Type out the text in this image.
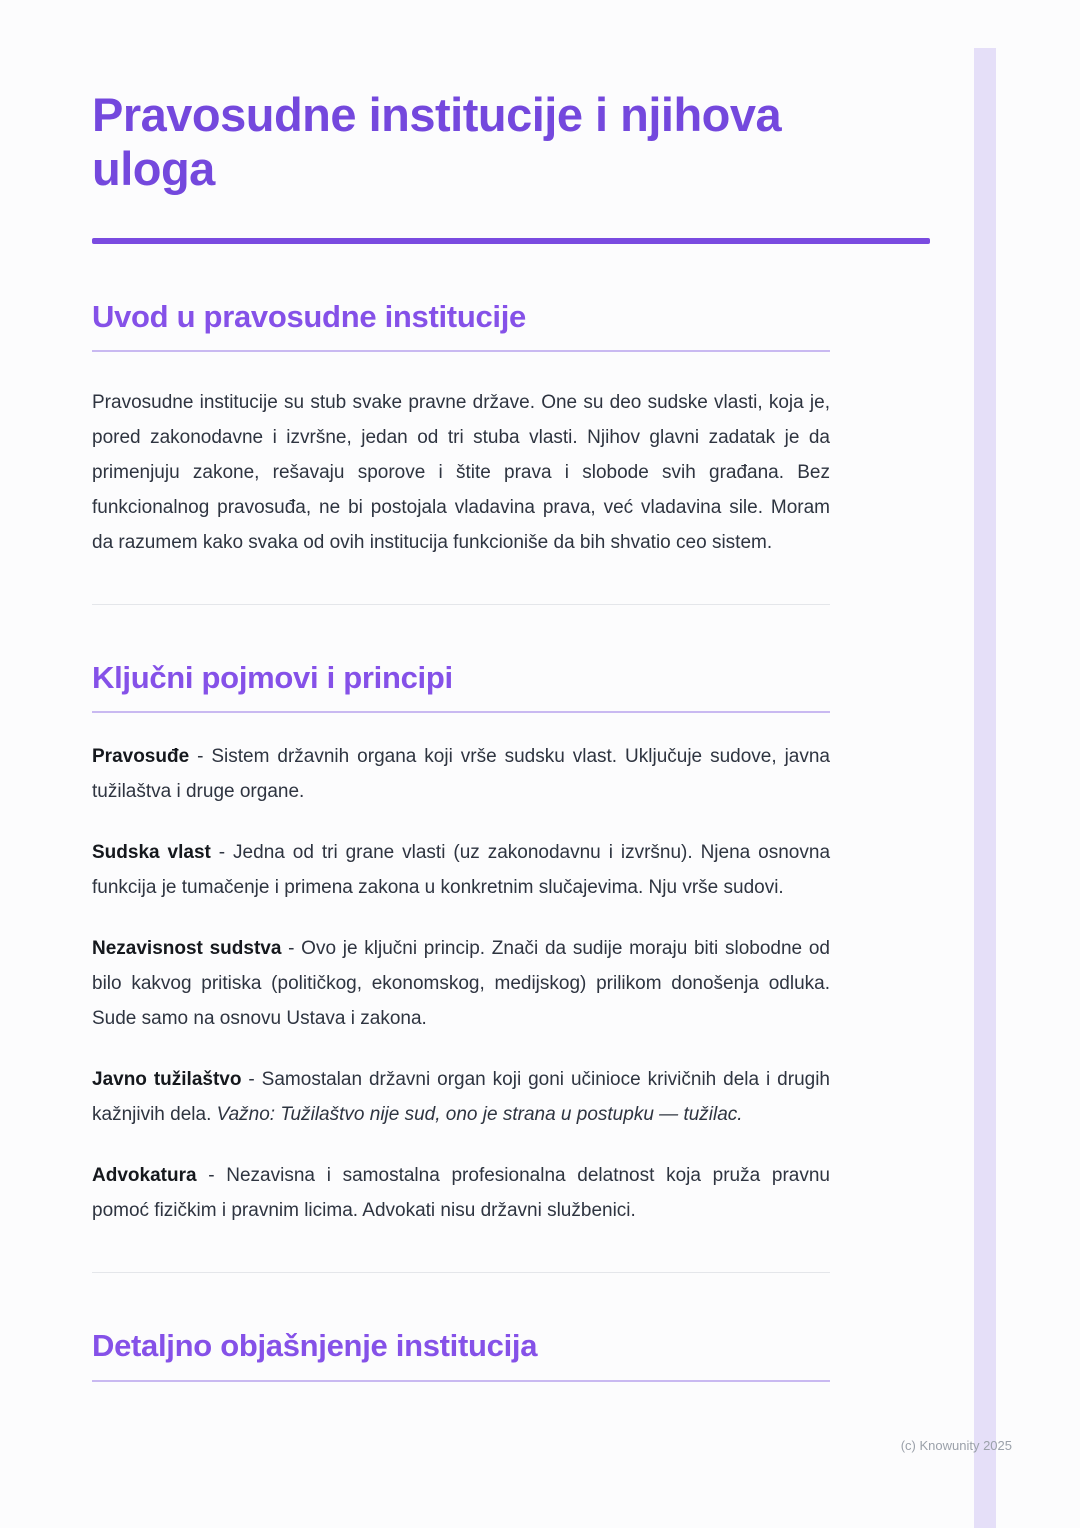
Pravosudne institucije i njihova uloga
Uvod u pravosudne institucije

Pravosudne institucije su stub svake pravne države. One su deo sudske vlasti, koja je, pored zakonodavne i izvršne, jedan od tri stuba vlasti. Njihov glavni zadatak je da primenjuju zakone, rešavaju sporove i štite prava i slobode svih građana. Bez funkcionalnog pravosuđa, ne bi postojala vladavina prava, već vladavina sile. Moram da razumem kako svaka od ovih institucija funkcioniše da bih shvatio ceo sistem.

Ključni pojmovi i principi

Pravosuđe - Sistem državnih organa koji vrše sudsku vlast. Uključuje sudove, javna tužilaštva i druge organe.

Sudska vlast - Jedna od tri grane vlasti (uz zakonodavnu i izvršnu). Njena osnovna funkcija je tumačenje i primena zakona u konkretnim slučajevima. Nju vrše sudovi.

Nezavisnost sudstva - Ovo je ključni princip. Znači da sudije moraju biti slobodne od bilo kakvog pritiska (političkog, ekonomskog, medijskog) prilikom donošenja odluka. Sude samo na osnovu Ustava i zakona.

Javno tužilaštvo - Samostalan državni organ koji goni učinioce krivičnih dela i drugih kažnjivih dela. Važno: Tužilaštvo nije sud, ono je strana u postupku — tužilac.

Advokatura - Nezavisna i samostalna profesionalna delatnost koja pruža pravnu pomoć fizičkim i pravnim licima. Advokati nisu državni službenici.

Detaljno objašnjenje institucija
(c) Knowunity 2025
